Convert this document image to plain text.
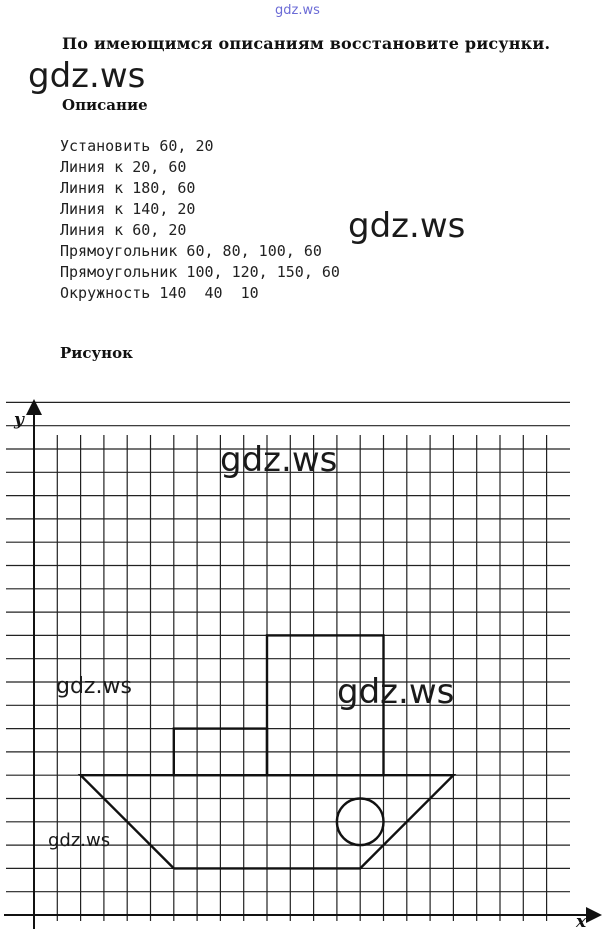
gdz.ws
gdz.ws
gdz.ws
По имеющимся описаниям восстановите рисунки.
Описание
Установить 60, 20
Линия к 20, 60
Линия к 180, 60
Линия к 140, 20
Линия к 60, 20
Прямоугольник 60, 80, 100, 60
Прямоугольник 100, 120, 150, 60
Окружность 140  40  10
Рисунок
y
x
gdz.ws
gdz.ws	gdz.ws
gdz.ws
